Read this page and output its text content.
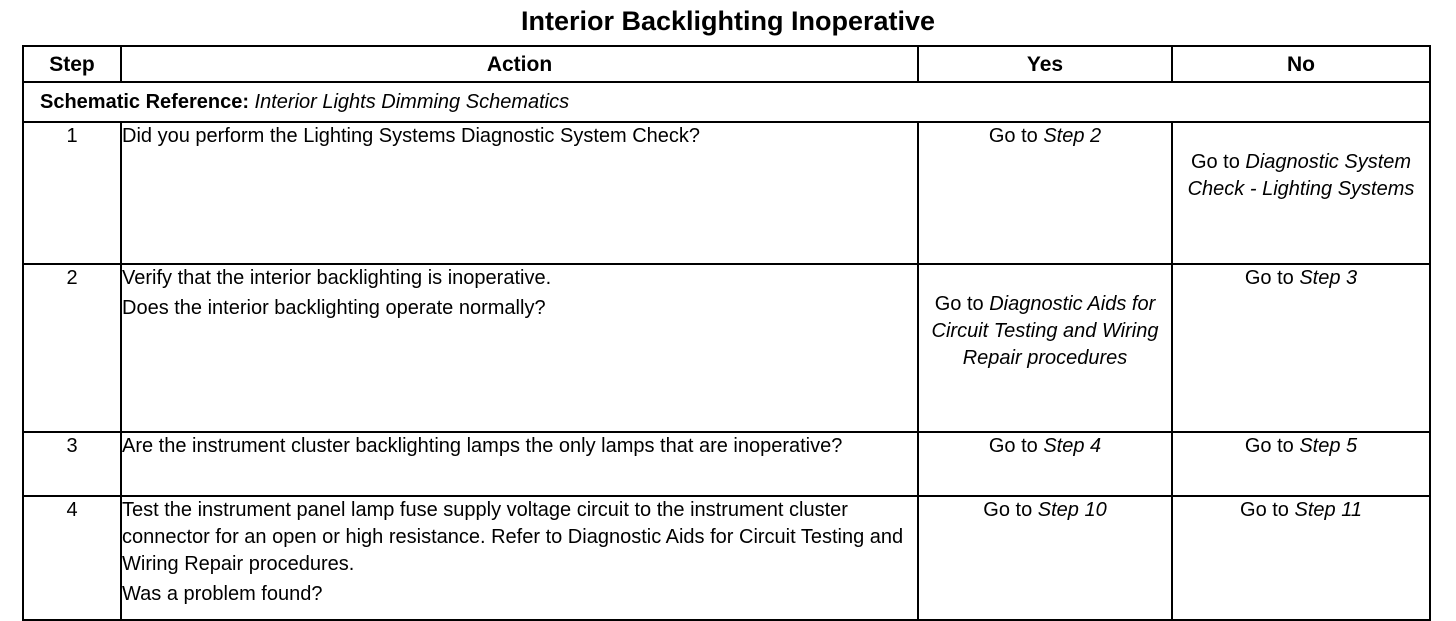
Interior Backlighting Inoperative
Step	Action	Yes	No
Schematic Reference: Interior Lights Dimming Schematics			
1	Did you perform the Lighting Systems Diagnostic System Check?	Go to Step 2	Go to Diagnostic System Check - Lighting Systems
2	Verify that the interior backlighting is inoperative.

Does the interior backlighting operate normally?	Go to Diagnostic Aids for Circuit Testing and Wiring Repair procedures	Go to Step 3
3	Are the instrument cluster backlighting lamps the only lamps that are inoperative?	Go to Step 4	Go to Step 5
4	Test the instrument panel lamp fuse supply voltage circuit to the instrument cluster connector for an open or high resistance. Refer to Diagnostic Aids for Circuit Testing and Wiring Repair procedures.

Was a problem found?	Go to Step 10	Go to Step 11
